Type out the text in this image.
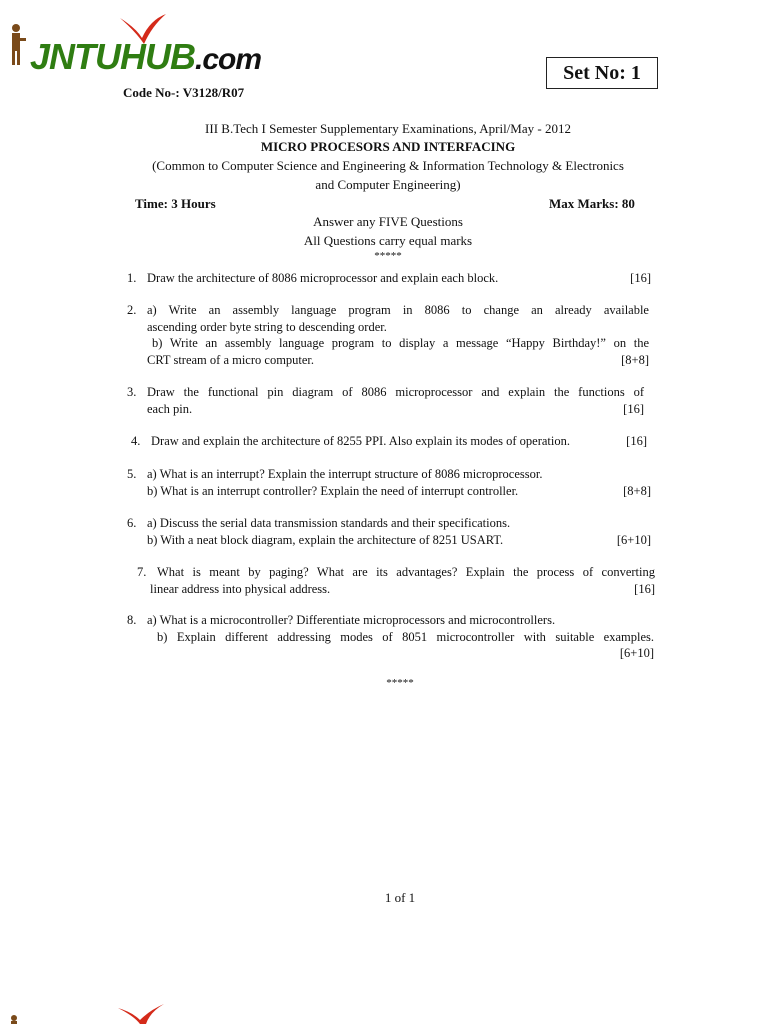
JNTUHUB.com	Set No: 1
Code No-: V3128/R07
III B.Tech I Semester Supplementary Examinations, April/May - 2012
MICRO PROCESORS AND INTERFACING
(Common to Computer Science and Engineering & Information Technology & Electronics
and Computer Engineering)
Time: 3 Hours	Max Marks: 80
Answer any FIVE Questions
All Questions carry equal marks
*****
1. Draw the architecture of 8086 microprocessor and explain each block.	[16]
2. a) Write an assembly language program in 8086 to change an already available
ascending order byte string to descending order.
b) Write an assembly language program to display a message “Happy Birthday!” on the
CRT stream of a micro computer.	[8+8]
3. Draw the functional pin diagram of 8086 microprocessor and explain the functions of
each pin.	[16]
4. Draw and explain the architecture of 8255 PPI. Also explain its modes of operation.	[16]
5. a) What is an interrupt? Explain the interrupt structure of 8086 microprocessor.
b) What is an interrupt controller? Explain the need of interrupt controller.	[8+8]
6. a) Discuss the serial data transmission standards and their specifications.
b) With a neat block diagram, explain the architecture of 8251 USART.	[6+10]
7. What is meant by paging? What are its advantages? Explain the process of converting
linear address into physical address.	[16]
8. a) What is a microcontroller? Differentiate microprocessors and microcontrollers.
b) Explain different addressing modes of 8051 microcontroller with suitable examples.
[6+10]
*****
1 of 1
